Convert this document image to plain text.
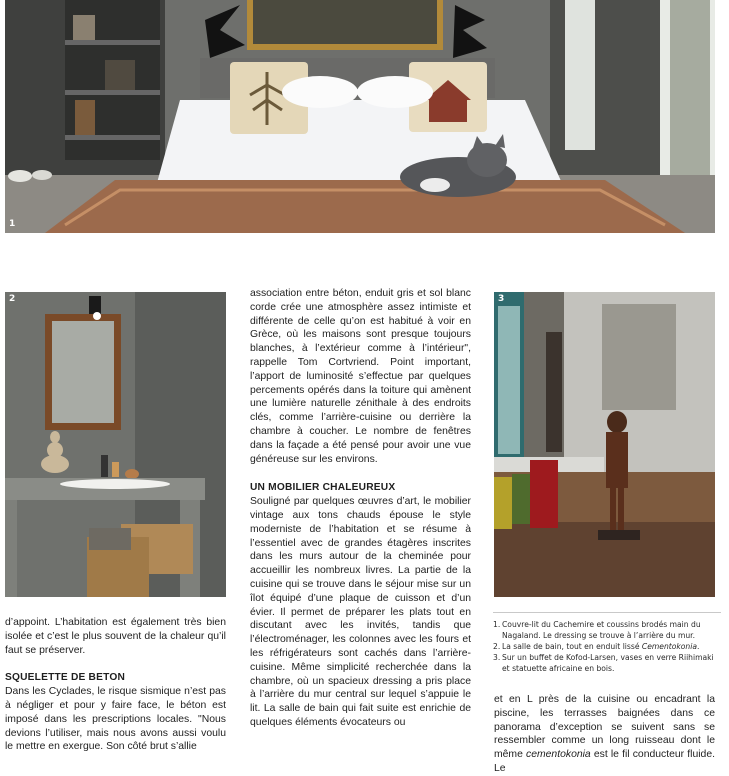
1
2	3

d’appoint. L’habitation est également très bien isolée et c’est le plus souvent de la chaleur qu’il faut se préserver.

SQUELETTE DE BETON

Dans les Cyclades, le risque sismique n’est pas à négliger et pour y faire face, le béton est imposé dans les prescriptions locales. "Nous devions l’utiliser, mais nous avons aussi voulu le mettre en exergue. Son côté brut s’allie

association entre béton, enduit gris et sol blanc corde crée une atmosphère assez intimiste et différente de celle qu’on est habitué à voir en Grèce, où les maisons sont presque toujours blanches, à l’extérieur comme à l’intérieur", rappelle Tom Cortvriend. Point important, l’apport de luminosité s’effectue par quelques percements opérés dans la toiture qui amènent une lumière naturelle zénithale à des endroits clés, comme l’arrière-cuisine ou derrière la chambre à coucher. Le nombre de fenêtres dans la façade a été pensé pour avoir une vue généreuse sur les environs.

UN MOBILIER CHALEUREUX

Souligné par quelques œuvres d’art, le mobilier vintage aux tons chauds épouse le style moderniste de l’habitation et se résume à l’essentiel avec de grandes étagères inscrites dans les murs autour de la cheminée pour accueillir les nombreux livres. La partie de la cuisine qui se trouve dans le séjour mise sur un îlot équipé d’une plaque de cuisson et d’un évier. Il permet de préparer les plats tout en discutant avec les invités, tandis que l’électroménager, les colonnes avec les fours et les réfrigérateurs sont cachés dans l’arrière-cuisine. Même simplicité recherchée dans la chambre, où un spacieux dressing a pris place à l’arrière du mur central sur lequel s’appuie le lit. La salle de bain qui fait suite est enrichie de quelques éléments évocateurs ou

1. Couvre-lit du Cachemire et coussins brodés main du Nagaland. Le dressing se trouve à l’arrière du mur.
2. La salle de bain, tout en enduit lissé Cementokonia.
3. Sur un buffet de Kofod-Larsen, vases en verre Riihimaki et statuette africaine en bois.

et en L près de la cuisine ou encadrant la piscine, les terrasses baignées dans ce panorama d’exception se suivent sans se ressembler comme un long ruisseau dont le même cementokonia est le fil conducteur fluide. Le
